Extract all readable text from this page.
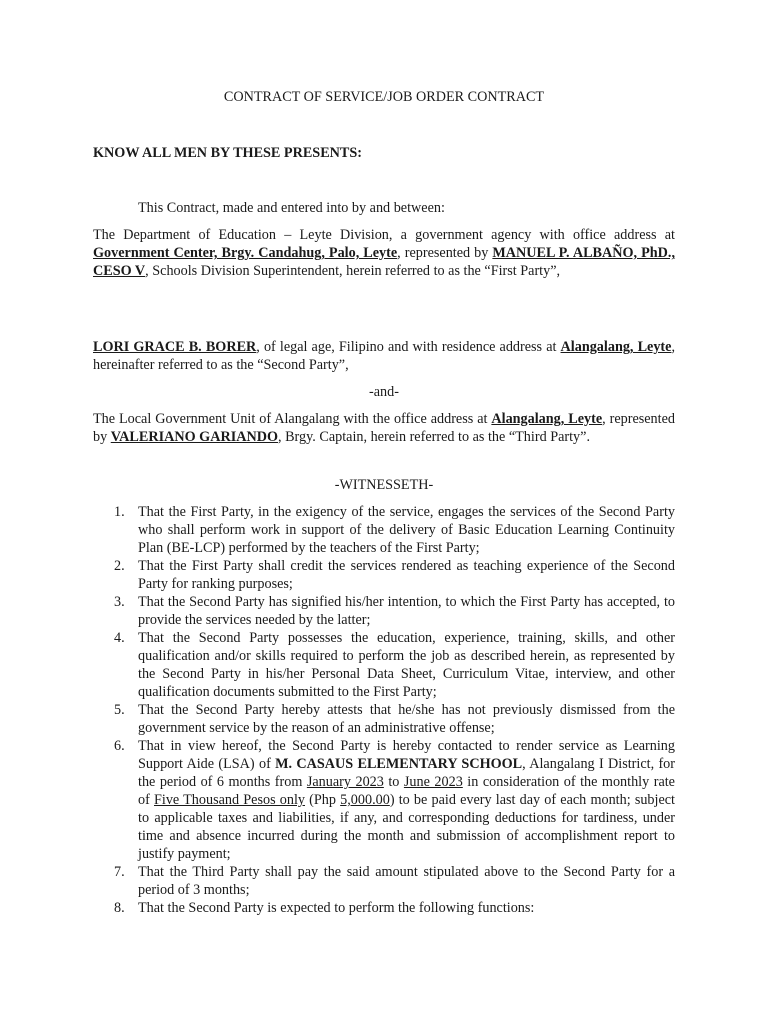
CONTRACT OF SERVICE/JOB ORDER CONTRACT
KNOW ALL MEN BY THESE PRESENTS:
This Contract, made and entered into by and between:
The Department of Education – Leyte Division, a government agency with office address at Government Center, Brgy. Candahug, Palo, Leyte, represented by MANUEL P. ALBAÑO, PhD., CESO V, Schools Division Superintendent, herein referred to as the “First Party”,
LORI GRACE B. BORER, of legal age, Filipino and with residence address at Alangalang, Leyte, hereinafter referred to as the “Second Party”,
-and-
The Local Government Unit of Alangalang with the office address at Alangalang, Leyte, represented by VALERIANO GARIANDO, Brgy. Captain, herein referred to as the “Third Party”.
-WITNESSETH-
1. That the First Party, in the exigency of the service, engages the services of the Second Party who shall perform work in support of the delivery of Basic Education Learning Continuity Plan (BE-LCP) performed by the teachers of the First Party;
2. That the First Party shall credit the services rendered as teaching experience of the Second Party for ranking purposes;
3. That the Second Party has signified his/her intention, to which the First Party has accepted, to provide the services needed by the latter;
4. That the Second Party possesses the education, experience, training, skills, and other qualification and/or skills required to perform the job as described herein, as represented by the Second Party in his/her Personal Data Sheet, Curriculum Vitae, interview, and other qualification documents submitted to the First Party;
5. That the Second Party hereby attests that he/she has not previously dismissed from the government service by the reason of an administrative offense;
6. That in view hereof, the Second Party is hereby contacted to render service as Learning Support Aide (LSA) of M. CASAUS ELEMENTARY SCHOOL, Alangalang I District, for the period of 6 months from January 2023 to June 2023 in consideration of the monthly rate of Five Thousand Pesos only (Php 5,000.00) to be paid every last day of each month; subject to applicable taxes and liabilities, if any, and corresponding deductions for tardiness, under time and absence incurred during the month and submission of accomplishment report to justify payment;
7. That the Third Party shall pay the said amount stipulated above to the Second Party for a period of 3 months;
8. That the Second Party is expected to perform the following functions:
